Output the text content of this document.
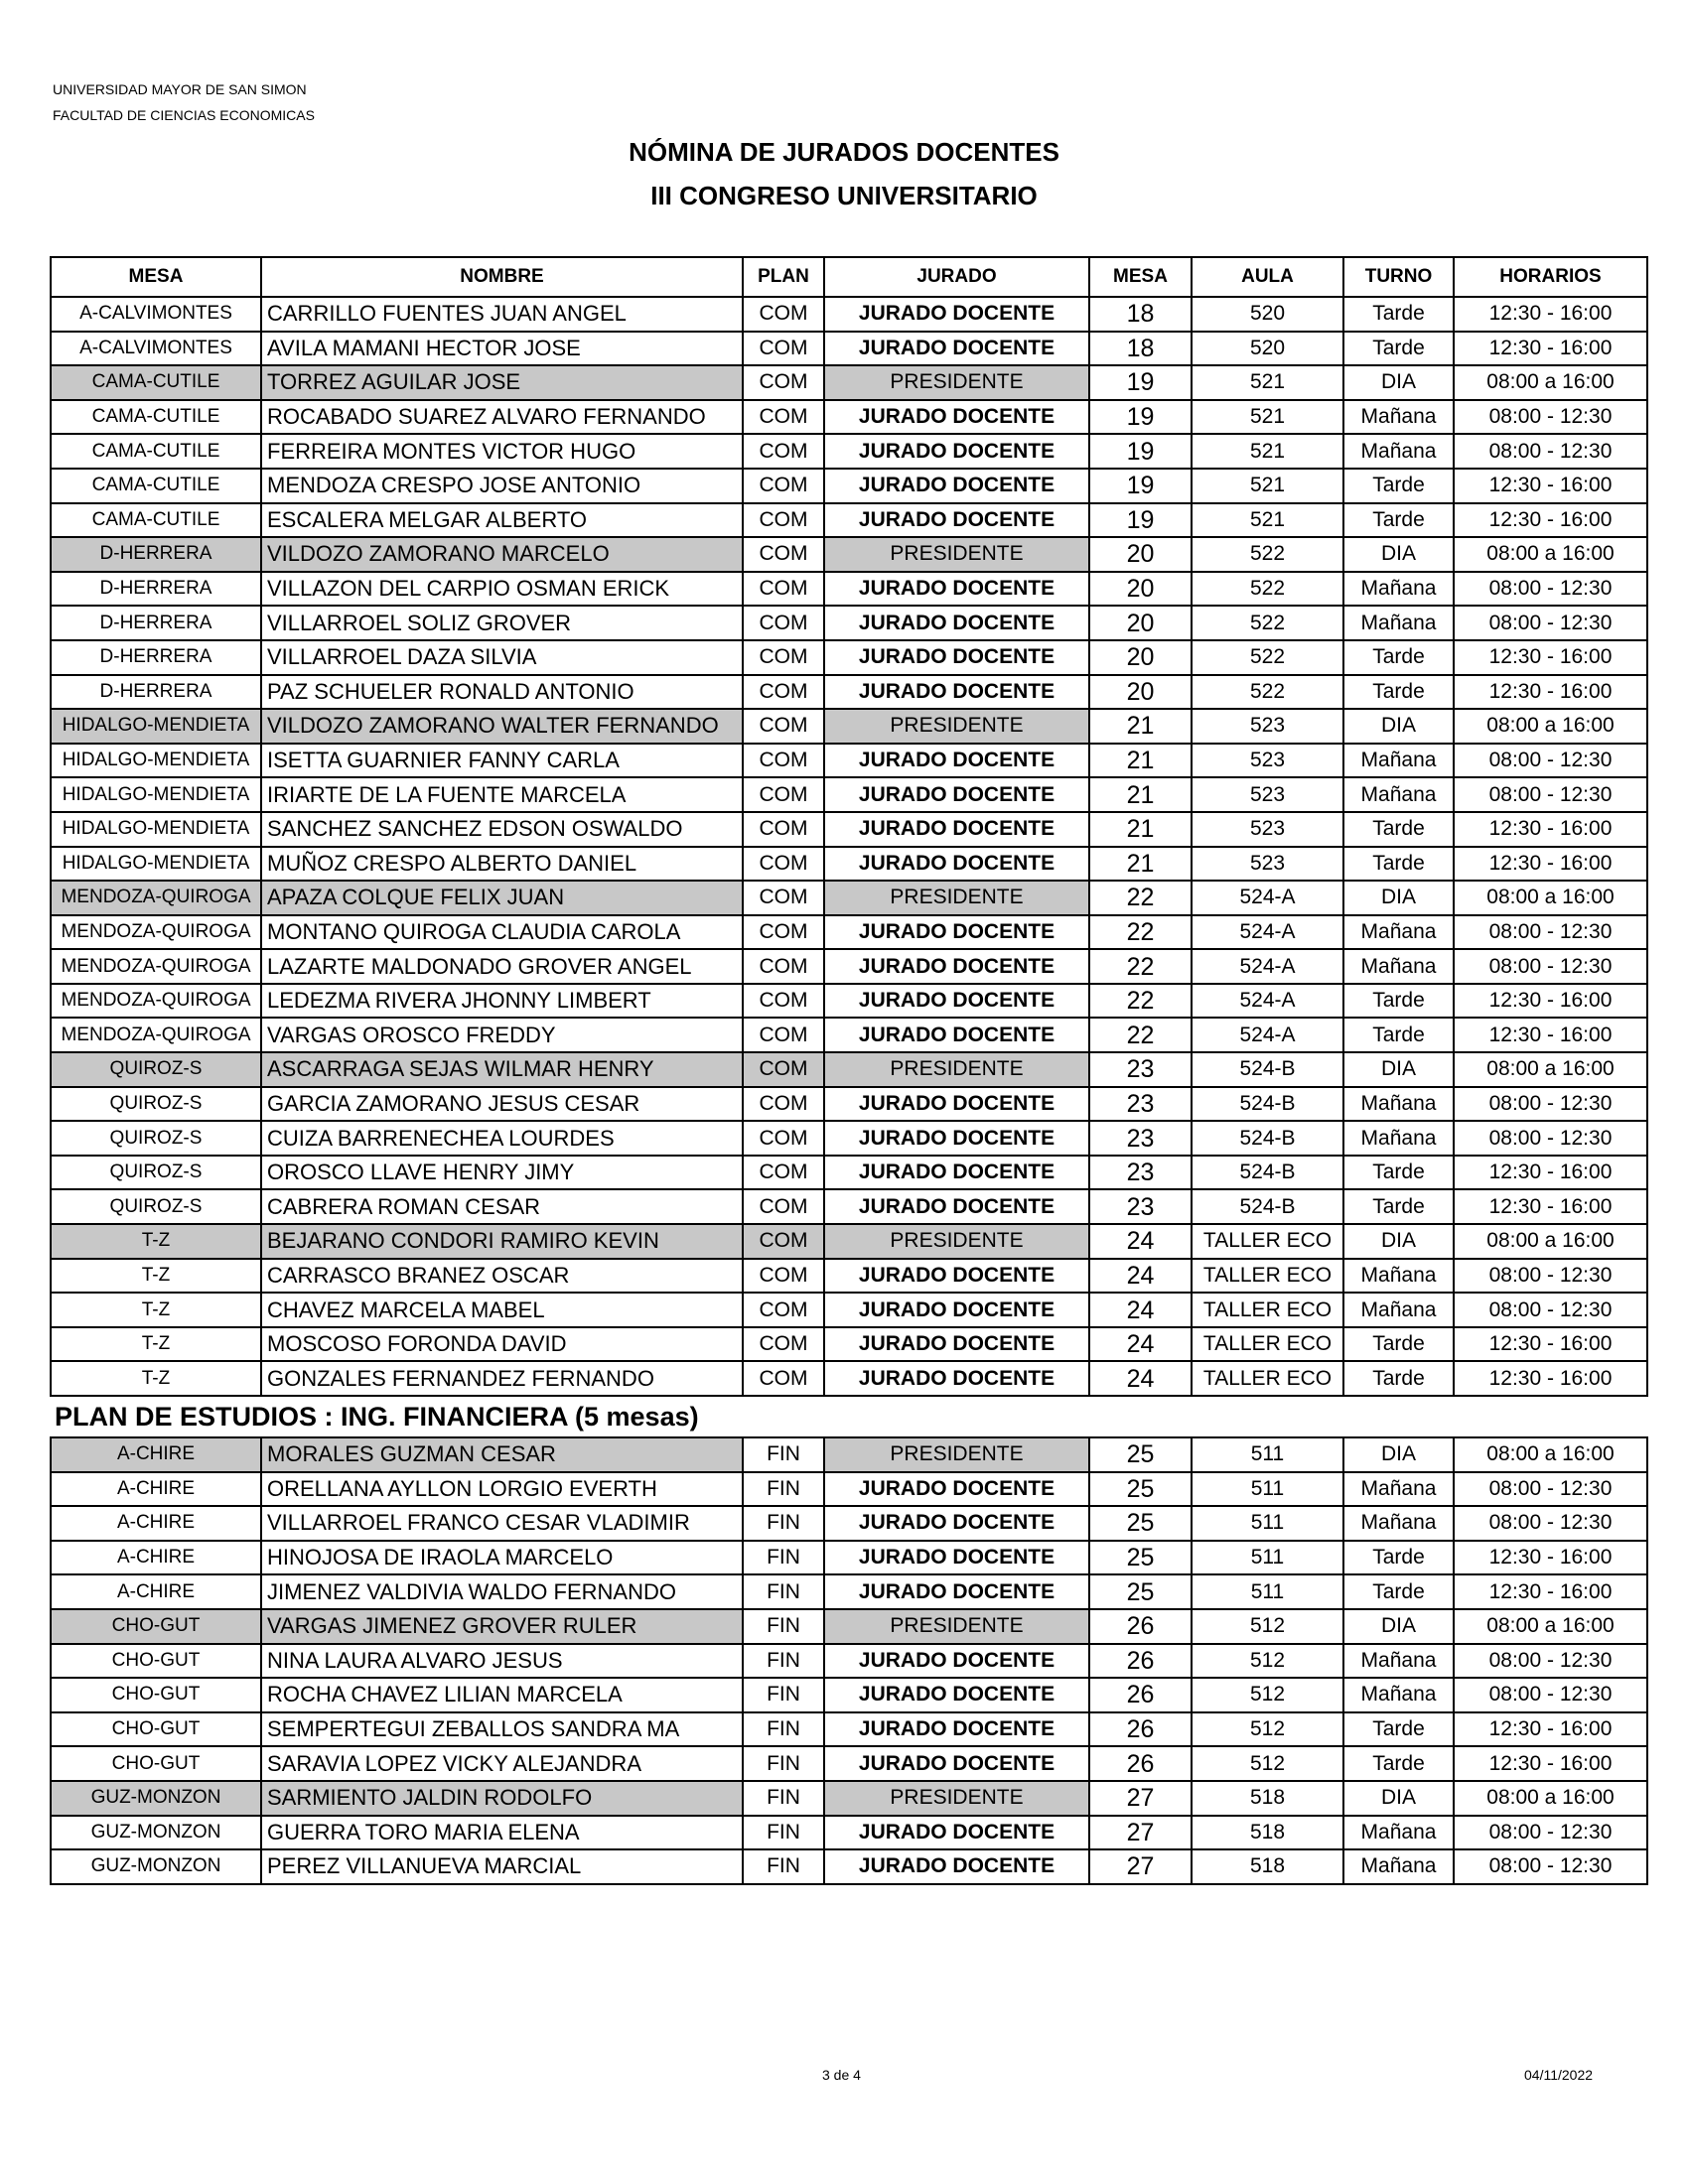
UNIVERSIDAD MAYOR DE SAN SIMON
FACULTAD DE CIENCIAS ECONOMICAS
NÓMINA DE JURADOS DOCENTES
III CONGRESO UNIVERSITARIO
MESA	NOMBRE	PLAN	JURADO	MESA	AULA	TURNO	HORARIOS
A-CALVIMONTES	CARRILLO FUENTES JUAN ANGEL	COM	JURADO DOCENTE	18	520	Tarde	12:30 - 16:00
A-CALVIMONTES	AVILA MAMANI HECTOR JOSE	COM	JURADO DOCENTE	18	520	Tarde	12:30 - 16:00
CAMA-CUTILE	TORREZ AGUILAR JOSE	COM	PRESIDENTE	19	521	DIA	08:00 a 16:00
CAMA-CUTILE	ROCABADO SUAREZ ALVARO FERNANDO	COM	JURADO DOCENTE	19	521	Mañana	08:00 - 12:30
CAMA-CUTILE	FERREIRA MONTES VICTOR HUGO	COM	JURADO DOCENTE	19	521	Mañana	08:00 - 12:30
CAMA-CUTILE	MENDOZA CRESPO JOSE ANTONIO	COM	JURADO DOCENTE	19	521	Tarde	12:30 - 16:00
CAMA-CUTILE	ESCALERA MELGAR ALBERTO	COM	JURADO DOCENTE	19	521	Tarde	12:30 - 16:00
D-HERRERA	VILDOZO ZAMORANO MARCELO	COM	PRESIDENTE	20	522	DIA	08:00 a 16:00
D-HERRERA	VILLAZON DEL CARPIO OSMAN ERICK	COM	JURADO DOCENTE	20	522	Mañana	08:00 - 12:30
D-HERRERA	VILLARROEL SOLIZ GROVER	COM	JURADO DOCENTE	20	522	Mañana	08:00 - 12:30
D-HERRERA	VILLARROEL DAZA SILVIA	COM	JURADO DOCENTE	20	522	Tarde	12:30 - 16:00
D-HERRERA	PAZ SCHUELER RONALD ANTONIO	COM	JURADO DOCENTE	20	522	Tarde	12:30 - 16:00
HIDALGO-MENDIETA	VILDOZO ZAMORANO WALTER FERNANDO	COM	PRESIDENTE	21	523	DIA	08:00 a 16:00
HIDALGO-MENDIETA	ISETTA GUARNIER FANNY CARLA	COM	JURADO DOCENTE	21	523	Mañana	08:00 - 12:30
HIDALGO-MENDIETA	IRIARTE DE LA FUENTE MARCELA	COM	JURADO DOCENTE	21	523	Mañana	08:00 - 12:30
HIDALGO-MENDIETA	SANCHEZ SANCHEZ EDSON OSWALDO	COM	JURADO DOCENTE	21	523	Tarde	12:30 - 16:00
HIDALGO-MENDIETA	MUÑOZ CRESPO ALBERTO DANIEL	COM	JURADO DOCENTE	21	523	Tarde	12:30 - 16:00
MENDOZA-QUIROGA	APAZA COLQUE FELIX JUAN	COM	PRESIDENTE	22	524-A	DIA	08:00 a 16:00
MENDOZA-QUIROGA	MONTANO QUIROGA CLAUDIA CAROLA	COM	JURADO DOCENTE	22	524-A	Mañana	08:00 - 12:30
MENDOZA-QUIROGA	LAZARTE MALDONADO GROVER ANGEL	COM	JURADO DOCENTE	22	524-A	Mañana	08:00 - 12:30
MENDOZA-QUIROGA	LEDEZMA RIVERA JHONNY LIMBERT	COM	JURADO DOCENTE	22	524-A	Tarde	12:30 - 16:00
MENDOZA-QUIROGA	VARGAS OROSCO FREDDY	COM	JURADO DOCENTE	22	524-A	Tarde	12:30 - 16:00
QUIROZ-S	ASCARRAGA SEJAS WILMAR HENRY	COM	PRESIDENTE	23	524-B	DIA	08:00 a 16:00
QUIROZ-S	GARCIA ZAMORANO JESUS CESAR	COM	JURADO DOCENTE	23	524-B	Mañana	08:00 - 12:30
QUIROZ-S	CUIZA BARRENECHEA LOURDES	COM	JURADO DOCENTE	23	524-B	Mañana	08:00 - 12:30
QUIROZ-S	OROSCO LLAVE HENRY JIMY	COM	JURADO DOCENTE	23	524-B	Tarde	12:30 - 16:00
QUIROZ-S	CABRERA ROMAN CESAR	COM	JURADO DOCENTE	23	524-B	Tarde	12:30 - 16:00
T-Z	BEJARANO CONDORI RAMIRO KEVIN	COM	PRESIDENTE	24	TALLER ECO	DIA	08:00 a 16:00
T-Z	CARRASCO BRANEZ OSCAR	COM	JURADO DOCENTE	24	TALLER ECO	Mañana	08:00 - 12:30
T-Z	CHAVEZ MARCELA MABEL	COM	JURADO DOCENTE	24	TALLER ECO	Mañana	08:00 - 12:30
T-Z	MOSCOSO FORONDA DAVID	COM	JURADO DOCENTE	24	TALLER ECO	Tarde	12:30 - 16:00
T-Z	GONZALES FERNANDEZ FERNANDO	COM	JURADO DOCENTE	24	TALLER ECO	Tarde	12:30 - 16:00
PLAN DE ESTUDIOS : ING. FINANCIERA (5 mesas)							
A-CHIRE	MORALES GUZMAN CESAR	FIN	PRESIDENTE	25	511	DIA	08:00 a 16:00
A-CHIRE	ORELLANA AYLLON LORGIO EVERTH	FIN	JURADO DOCENTE	25	511	Mañana	08:00 - 12:30
A-CHIRE	VILLARROEL FRANCO CESAR VLADIMIR	FIN	JURADO DOCENTE	25	511	Mañana	08:00 - 12:30
A-CHIRE	HINOJOSA DE IRAOLA MARCELO	FIN	JURADO DOCENTE	25	511	Tarde	12:30 - 16:00
A-CHIRE	JIMENEZ VALDIVIA WALDO FERNANDO	FIN	JURADO DOCENTE	25	511	Tarde	12:30 - 16:00
CHO-GUT	VARGAS JIMENEZ GROVER RULER	FIN	PRESIDENTE	26	512	DIA	08:00 a 16:00
CHO-GUT	NINA LAURA ALVARO JESUS	FIN	JURADO DOCENTE	26	512	Mañana	08:00 - 12:30
CHO-GUT	ROCHA CHAVEZ LILIAN MARCELA	FIN	JURADO DOCENTE	26	512	Mañana	08:00 - 12:30
CHO-GUT	SEMPERTEGUI ZEBALLOS SANDRA MA	FIN	JURADO DOCENTE	26	512	Tarde	12:30 - 16:00
CHO-GUT	SARAVIA LOPEZ VICKY ALEJANDRA	FIN	JURADO DOCENTE	26	512	Tarde	12:30 - 16:00
GUZ-MONZON	SARMIENTO JALDIN RODOLFO	FIN	PRESIDENTE	27	518	DIA	08:00 a 16:00
GUZ-MONZON	GUERRA TORO MARIA ELENA	FIN	JURADO DOCENTE	27	518	Mañana	08:00 - 12:30
GUZ-MONZON	PEREZ VILLANUEVA MARCIAL	FIN	JURADO DOCENTE	27	518	Mañana	08:00 - 12:30
3 de 4	04/11/2022
